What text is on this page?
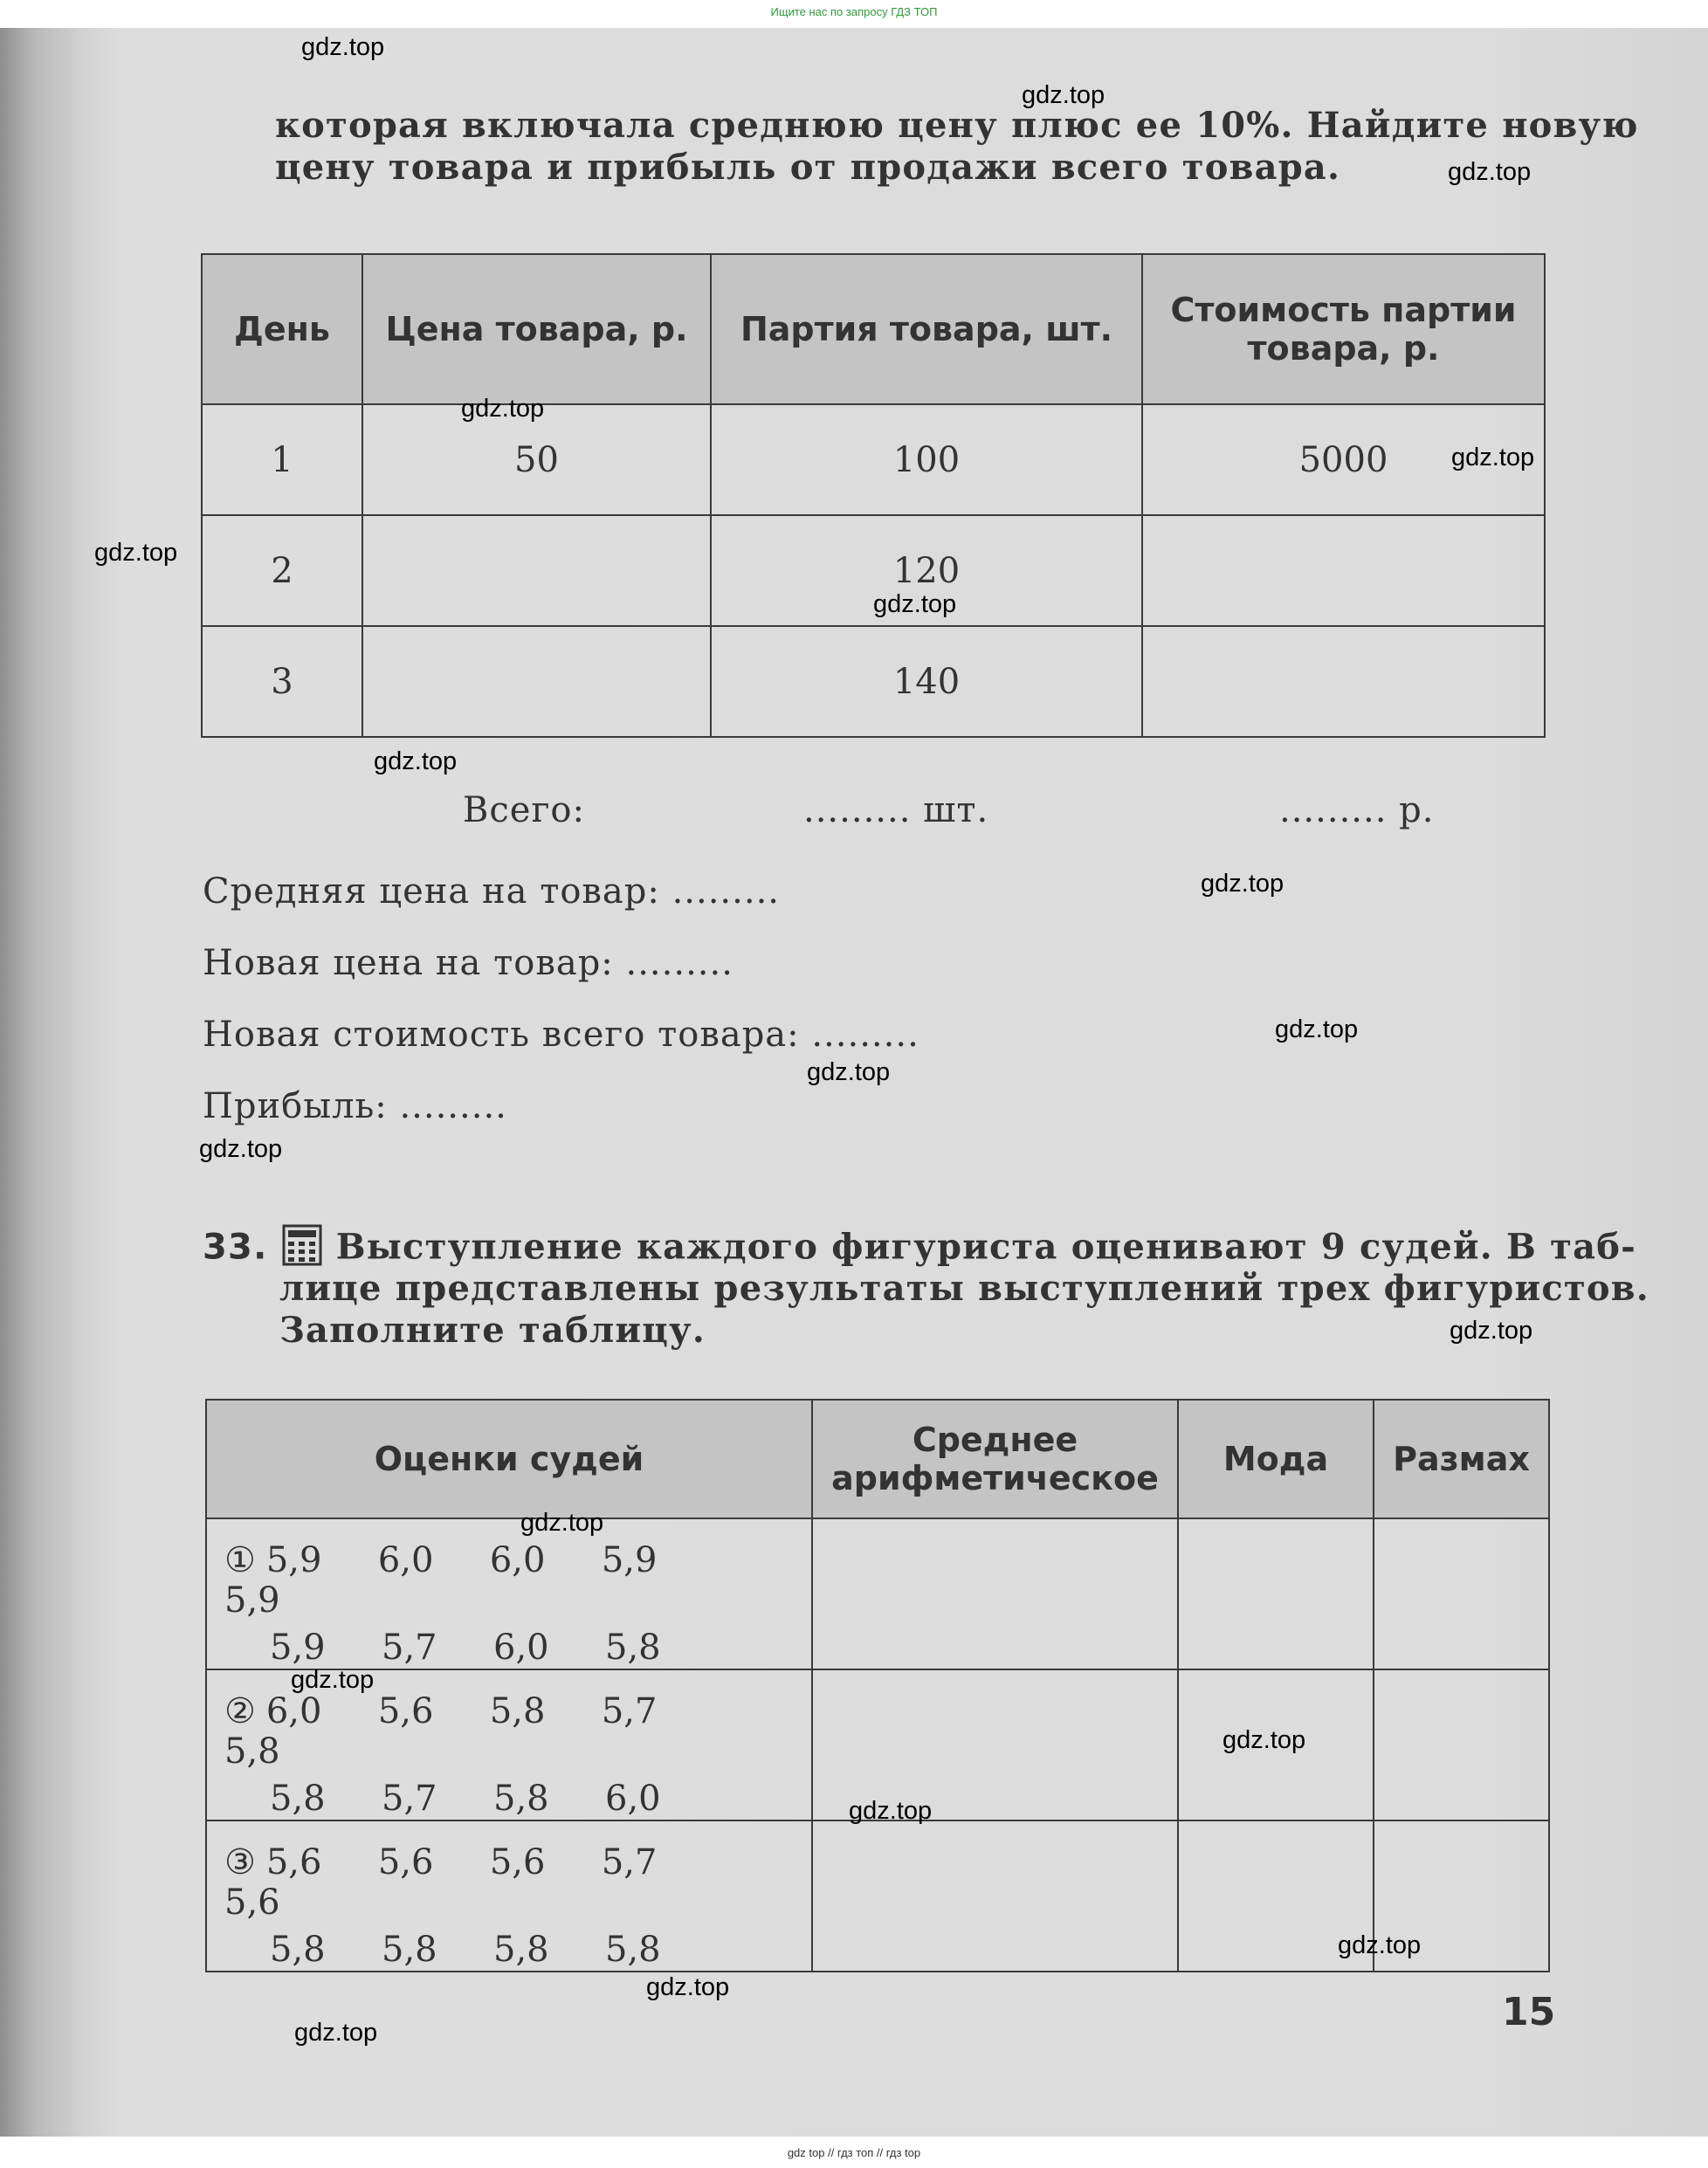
Ищите нас по запросу ГДЗ ТОП

которая включала среднюю цену плюс ее 10%. Найдите новую

цену товара и прибыль от продажи всего товара.

День	Цена товара, р.	Партия товара, шт.	Стоимость партии товара, р.
1	50	100	5000
2		120	
3		140	
Всего:	......... шт.	......... р.
Средняя цена на товар: .........
Новая цена на товар: .........
Новая стоимость всего товара: .........
Прибыль: .........
33. Выступление каждого фигуриста оценивают 9 судей. В таб-

лице представлены результаты выступлений трех фигуристов.

Заполните таблицу.

Оценки судей	Среднее арифметическое	Мода	Размах

① 5,9 6,0 6,0 5,95,9
5,9 5,7 6,0 5,8			

② 6,0 5,6 5,8 5,75,8
5,8 5,7 5,8 6,0			

③ 5,6 5,6 5,6 5,75,6
5,8 5,8 5,8 5,8			

15
gdz.top
gdz.top
gdz.top
gdz.top
gdz.top
gdz.top
gdz.top
gdz.top
gdz.top
gdz.top
gdz.top
gdz.top
gdz.top
gdz.top
gdz.top
gdz.top
gdz.top
gdz.top
gdz.top
gdz.top
gdz top // гдз топ // гдз top
